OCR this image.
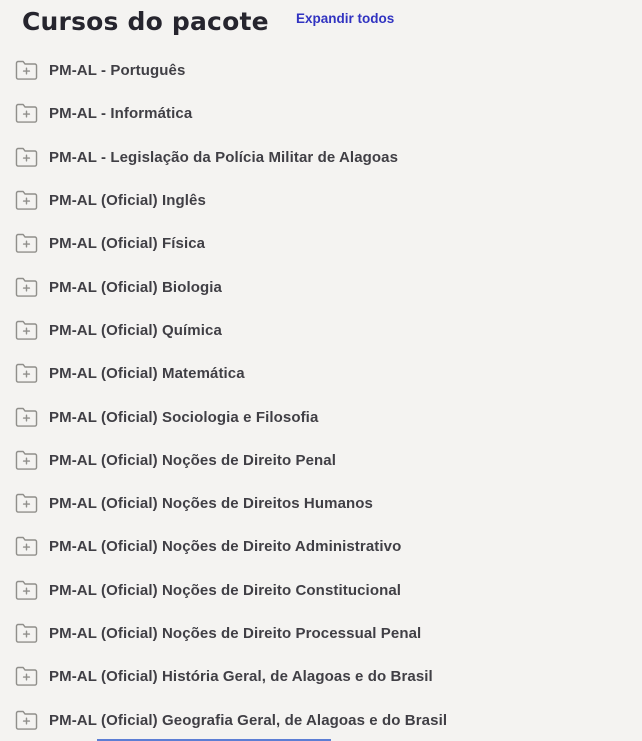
Cursos do pacote Expandir todos
PM-AL - Português
PM-AL - Informática
PM-AL - Legislação da Polícia Militar de Alagoas
PM-AL (Oficial) Inglês
PM-AL (Oficial) Física
PM-AL (Oficial) Biologia
PM-AL (Oficial) Química
PM-AL (Oficial) Matemática
PM-AL (Oficial) Sociologia e Filosofia
PM-AL (Oficial) Noções de Direito Penal
PM-AL (Oficial) Noções de Direitos Humanos
PM-AL (Oficial) Noções de Direito Administrativo
PM-AL (Oficial) Noções de Direito Constitucional
PM-AL (Oficial) Noções de Direito Processual Penal
PM-AL (Oficial) História Geral, de Alagoas e do Brasil
PM-AL (Oficial) Geografia Geral, de Alagoas e do Brasil
